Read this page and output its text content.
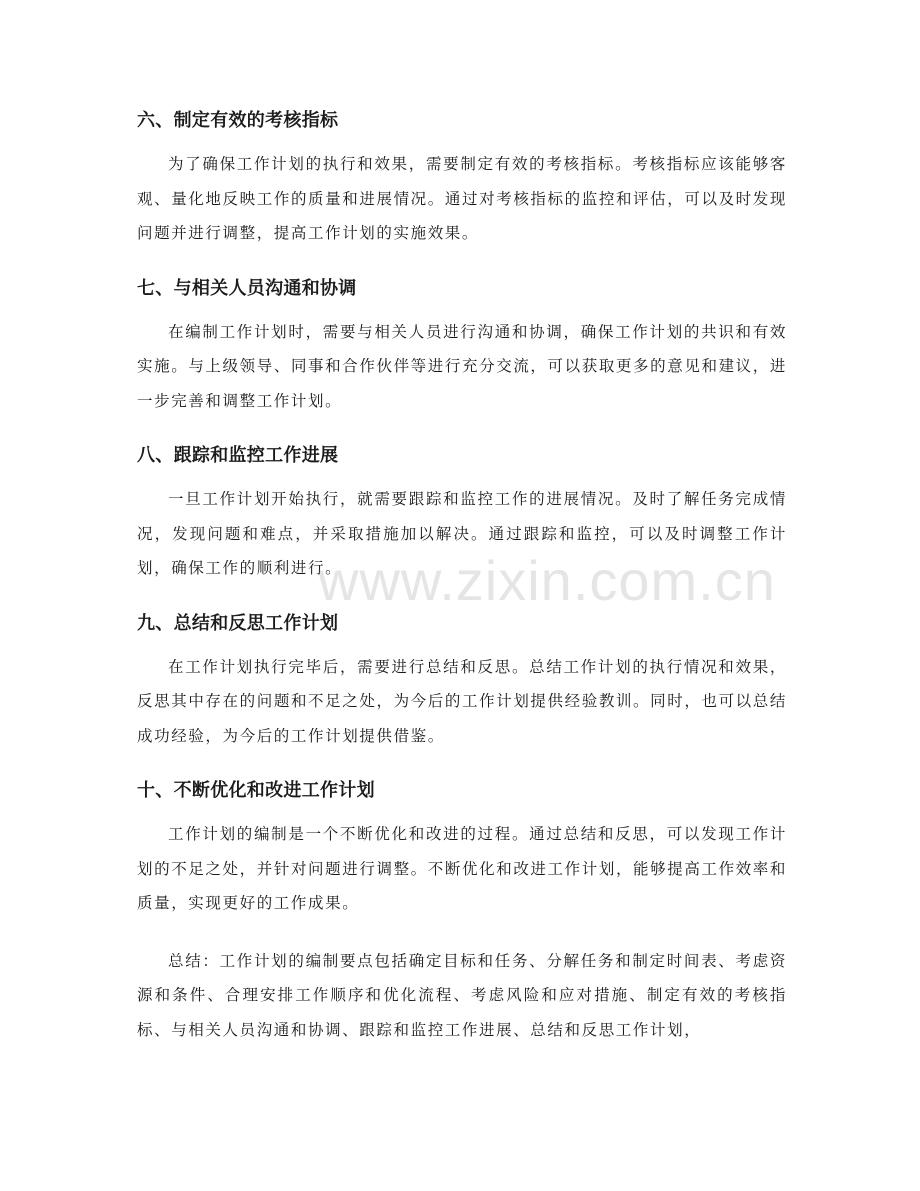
六、制定有效的考核指标

为了确保工作计划的执行和效果，需要制定有效的考核指标。考核指标应该能够客观、量化地反映工作的质量和进展情况。通过对考核指标的监控和评估，可以及时发现问题并进行调整，提高工作计划的实施效果。

七、与相关人员沟通和协调

在编制工作计划时，需要与相关人员进行沟通和协调，确保工作计划的共识和有效实施。与上级领导、同事和合作伙伴等进行充分交流，可以获取更多的意见和建议，进一步完善和调整工作计划。

八、跟踪和监控工作进展

一旦工作计划开始执行，就需要跟踪和监控工作的进展情况。及时了解任务完成情况，发现问题和难点，并采取措施加以解决。通过跟踪和监控，可以及时调整工作计划，确保工作的顺利进行。

九、总结和反思工作计划

在工作计划执行完毕后，需要进行总结和反思。总结工作计划的执行情况和效果，反思其中存在的问题和不足之处，为今后的工作计划提供经验教训。同时，也可以总结成功经验，为今后的工作计划提供借鉴。

十、不断优化和改进工作计划

工作计划的编制是一个不断优化和改进的过程。通过总结和反思，可以发现工作计划的不足之处，并针对问题进行调整。不断优化和改进工作计划，能够提高工作效率和质量，实现更好的工作成果。

总结：工作计划的编制要点包括确定目标和任务、分解任务和制定时间表、考虑资源和条件、合理安排工作顺序和优化流程、考虑风险和应对措施、制定有效的考核指标、与相关人员沟通和协调、跟踪和监控工作进展、总结和反思工作计划，

www.zixin.com.cn
